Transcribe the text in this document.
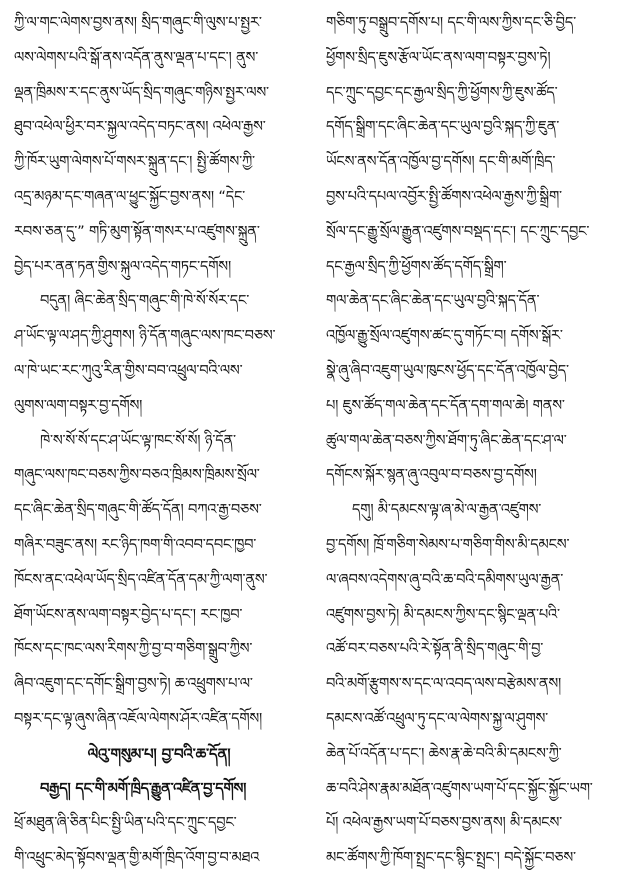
ཀྱི་ལ་གང་ལེགས་བྱས་ནས། སྲིད་གཞུང་གི་ལུས་པ་སྤྱར་
ལས་ལེགས་པའི་སྒོ་ནས་འདོན་ནུས་ལྡན་པ་དང་། ནུས་
ལྡན་ཁྲིམས་ར་དང་ནུས་ཡོད་སྲིད་གཞུང་གཉིས་སྤྱར་ལས་
ཐུབ་འཕེལ་ཕྱིར་བར་སྐྱལ་འདེད་བཏང་ནས། འཕེལ་རྒྱས་
ཀྱི་ཁོར་ཡུག་ལེགས་པོ་གསར་སྐྲུན་དང་། སྤྱི་ཚོགས་ཀྱི་
འདྲ་མཉམ་དང་གཞན་ལ་ཕྱུང་སྐྱོང་བྱས་ནས། “དེང་
རབས་ཅན་དུ་” གཏི་མུག་སྟོན་གསར་པ་འཛུགས་སྐྲུན་
བྱེད་པར་ནན་ཏན་གྱིས་སྐུལ་འདེད་གཏང་དགོས།
བདུན། ཞིང་ཆེན་སྲིད་གཞུང་གི་ཁེ་སོ་སོར་དང་
ཤ་ཡོང་ལྟ་ལ་ཤད་ཀྱི་ཤུགས། ཉི་དོན་གཞུང་ལས་ཁང་བཅས་
ལ་ཁེ་ཡང་རང་ཀུའུ་རིན་གྱིས་བབ་འཕྲུལ་བའི་ལས་
ལུགས་ལག་བསྟར་བྱ་དགོས།
ཁེ་ས་སོ་སོ་དང་ཤ་ཡོང་ལྟ་ཁང་སོ་སོ། ཉི་དོན་
གཞུང་ལས་ཁང་བཅས་ཀྱིས་བཅའ་ཁྲིམས་ཁྲིམས་སྲོལ་
དང་ཞིང་ཆེན་སྲིད་གཞུང་གི་ཚོད་དོན། བཀའ་རྒྱ་བཅས་
གཞིར་བཟུང་ནས། རང་ཉིད་ཁག་གི་འབབ་དབང་ཁྱབ་
ཁོངས་ནང་འཕེལ་ཡོད་སྲིད་འཛིན་དོན་དམ་ཀྱི་ལག་ནུས་
ཐོག་ཡོངས་ནས་ལག་བསྟར་བྱེད་པ་དང་། རང་ཁྱབ་
ཁོངས་དང་ཁང་ལས་རིགས་ཀྱི་བྱ་བ་གཅིག་སྒྲུབ་ཀྱིས་
ཞིབ་འཇུག་དང་དགོང་སྒྲིག་བྱས་ཏེ། ཆ་འཕྲུགས་པ་ལ་
བསྟར་དང་ལྟ་ཞུས་ཞིན་འཇོལ་ལེགས་ཤོར་འཛིན་དགོས།
ལེའུ་གསུམ་པ། བྱ་བའི་ཆ་དོན།
བརྒྱད། དང་གི་མགོ་ཁྲིད་རྒྱུན་འཛིན་བྱ་དགོས།
ཕྲོ་མཐུན་ཞི་ཅིན་པིང་སྤྱི་ཡིན་པའི་དང་ཀྲུང་དབྱང་
གི་འཕྲུང་མེད་སྟོབས་ལྡན་གྱི་མགོ་ཁྲིད་འོག་བྱ་བ་མཐའ
གཅིག་ཏུ་བསྒྲུབ་དགོས་པ། དང་གི་ལས་ཀྱིས་དང་ཅི་བྱིད་
ཕྱོགས་སྲིད་ཇུས་རྩོལ་ཡོང་ནས་ལག་བསྟར་བྱས་ཏེ།
དང་ཀྲུང་དབྱང་དང་རྒྱལ་སྲིད་ཀྱི་ཕྱོགས་ཀྱི་ཇུས་ཚོད་
དགོད་སྒྲིག་དང་ཞིང་ཆེན་དང་ཡུལ་བྱའི་སྐད་ཀྱི་ཇུན་
ཡོངས་ནས་དོན་འཁྱོལ་བྱ་དགོས། དང་གི་མགོ་ཁྲིད་
བྱས་པའི་དཔལ་འབྱོར་སྤྱི་ཚོགས་འཕེལ་རྒྱས་ཀྱི་སྒྲིག་
སྲོལ་དང་རྒྱུ་སྲོལ་རྒྱུན་འཛུགས་བསྡད་དང་། དང་ཀྲུང་དབྱང་
དང་རྒྱལ་སྲིད་ཀྱི་ཕྱོགས་ཚོད་དགོད་སྒྲིག་
གལ་ཆེན་དང་ཞིང་ཆེན་དང་ཡུལ་བྱའི་སྐད་དོན་
འཁྱོལ་རྒྱུ་སྲོལ་འཛུགས་ཚང་དུ་གཏོང་བ། དགོས་སྒོར་
སྣེ་ཞུ་ཞིབ་འཇུག་ཡུལ་ཁུངས་ཕྱོད་དང་དོན་འཁྱོལ་བྱེད་
པ། ཇུས་ཚོད་གལ་ཆེན་དང་དོན་དག་གལ་ཆེ། གནས་
ཚུལ་གལ་ཆེན་བཅས་ཀྱིས་ཐོག་ཏུ་ཞིང་ཆེན་དང་ཤ་ལ་
དགོངས་སྐོར་སྙན་ཞུ་འབུལ་བ་བཅས་བྱ་དགོས།
དགུ། མི་དམངས་ལྟ་ཞ་མེ་ལ་རྒྱན་འཛུགས་
བྱ་དགོས། ཁྲོ་གཅིག་སེམས་པ་གཅིག་གིས་མི་དམངས་
ལ་ཞབས་འདེགས་ཞུ་བའི་ཆ་བའི་དམིགས་ཡུལ་རྒྱན་
འཛུགས་བྱས་ཏེ། མི་དམངས་ཀྱིས་དང་སྙིང་ལྡན་པའི་
འཚོ་བར་བཅས་པའི་རེ་སྟོན་ནི་སྲིད་གཞུང་གི་བྱ་
བའི་མགོ་རྩུགས་ས་དང་ལ་འབད་ལས་བརྩེམས་ནས།
དམངས་འཚོ་འཕྲུལ་ཏུ་དང་ལ་ལེགས་སྐྱ་ལ་ཤུགས་
ཆེན་པོ་འདོན་པ་དང་། ཆེས་རྣ་ཆེ་བའི་མི་དམངས་ཀྱི་
ཆ་བའི་ཤེས་རྣམ་མཐོན་འཛུགས་ཡག་པོ་དང་སྐྱོང་སྐྱོང་ཡག་
པོ། འཕེལ་རྒྱས་ཡག་པོ་བཅས་བྱས་ནས། མི་དམངས་
མང་ཚོགས་ཀྱི་ཁོག་སྤྲང་དང་སྙིང་སྤྲང་། བདེ་སྐྱོང་བཅས་
